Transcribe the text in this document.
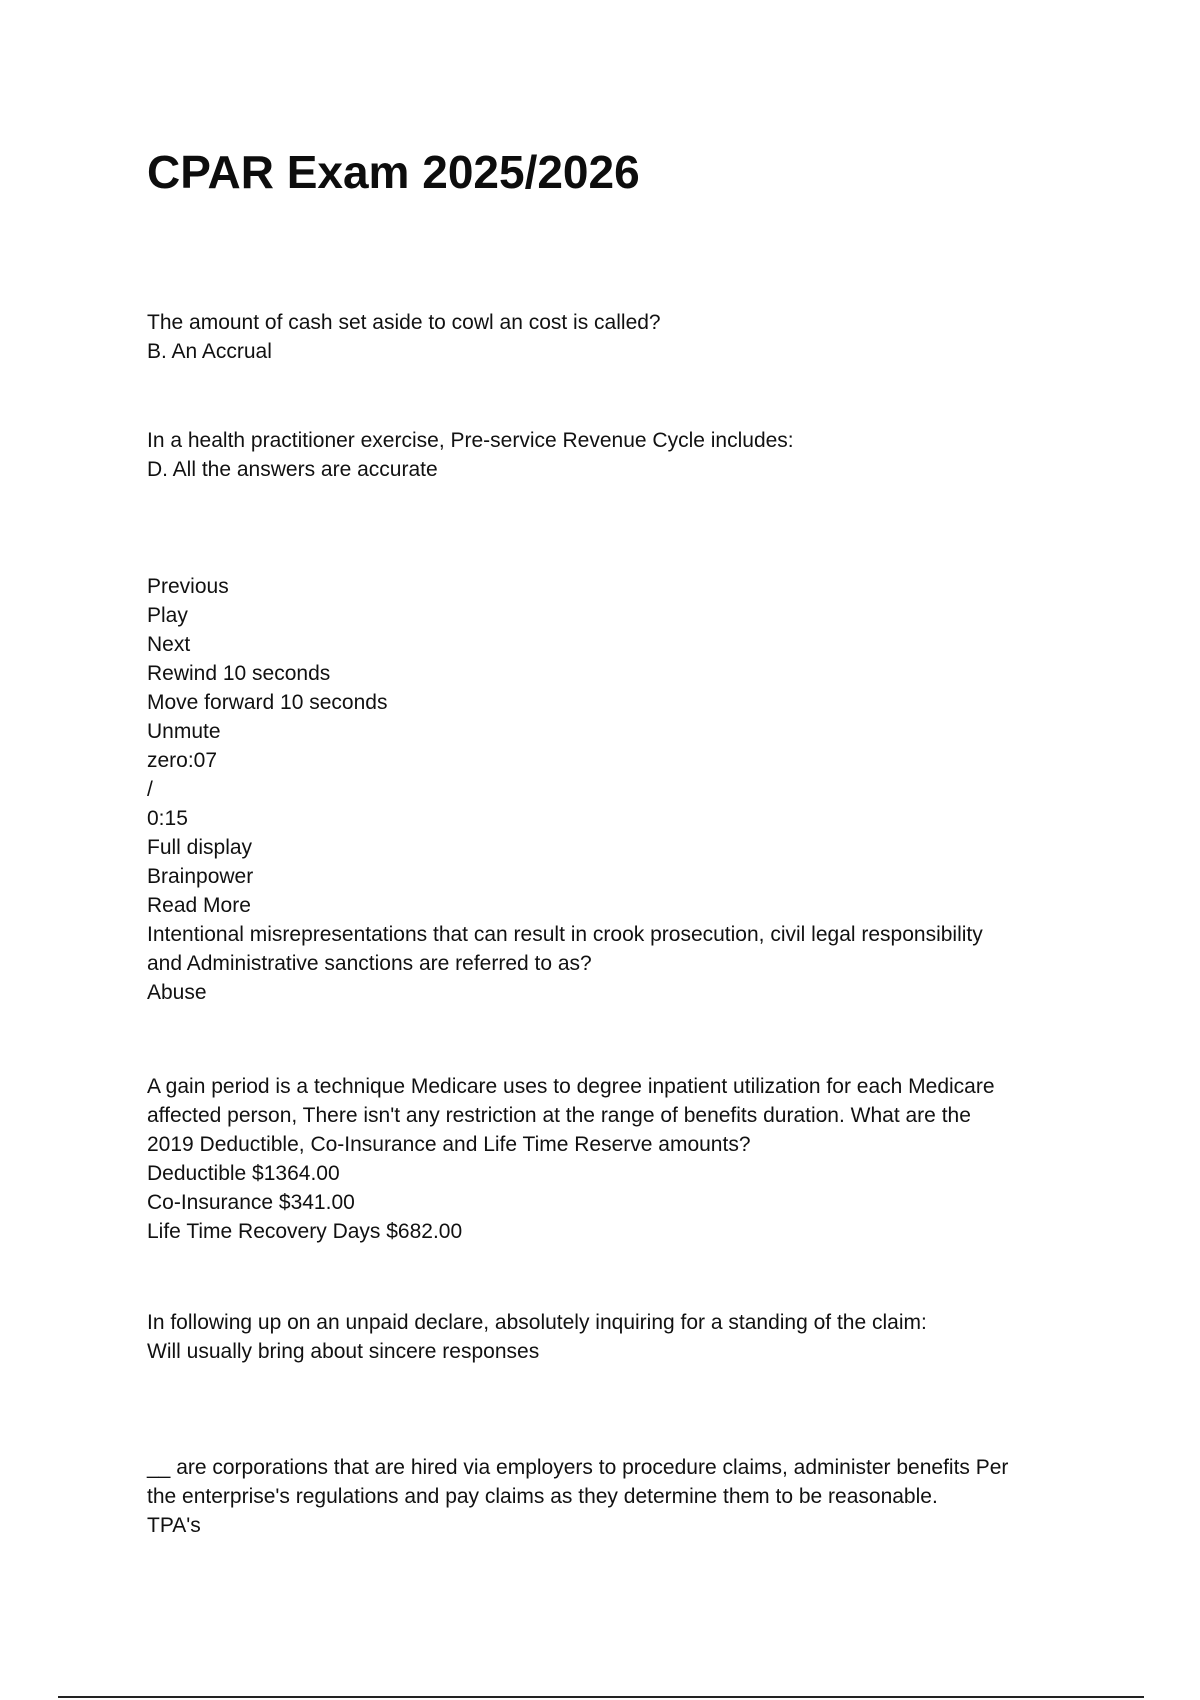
CPAR Exam 2025/2026
The amount of cash set aside to cowl an cost is called?
B. An Accrual
In a health practitioner exercise, Pre-service Revenue Cycle includes:
D. All the answers are accurate
Previous
Play
Next
Rewind 10 seconds
Move forward 10 seconds
Unmute
zero:07
/
0:15
Full display
Brainpower
Read More
Intentional misrepresentations that can result in crook prosecution, civil legal responsibility
and Administrative sanctions are referred to as?
Abuse
A gain period is a technique Medicare uses to degree inpatient utilization for each Medicare
affected person, There isn't any restriction at the range of benefits duration. What are the
2019 Deductible, Co-Insurance and Life Time Reserve amounts?
Deductible $1364.00
Co-Insurance $341.00
Life Time Recovery Days $682.00
In following up on an unpaid declare, absolutely inquiring for a standing of the claim:
Will usually bring about sincere responses
__ are corporations that are hired via employers to procedure claims, administer benefits Per
the enterprise's regulations and pay claims as they determine them to be reasonable.
TPA's
